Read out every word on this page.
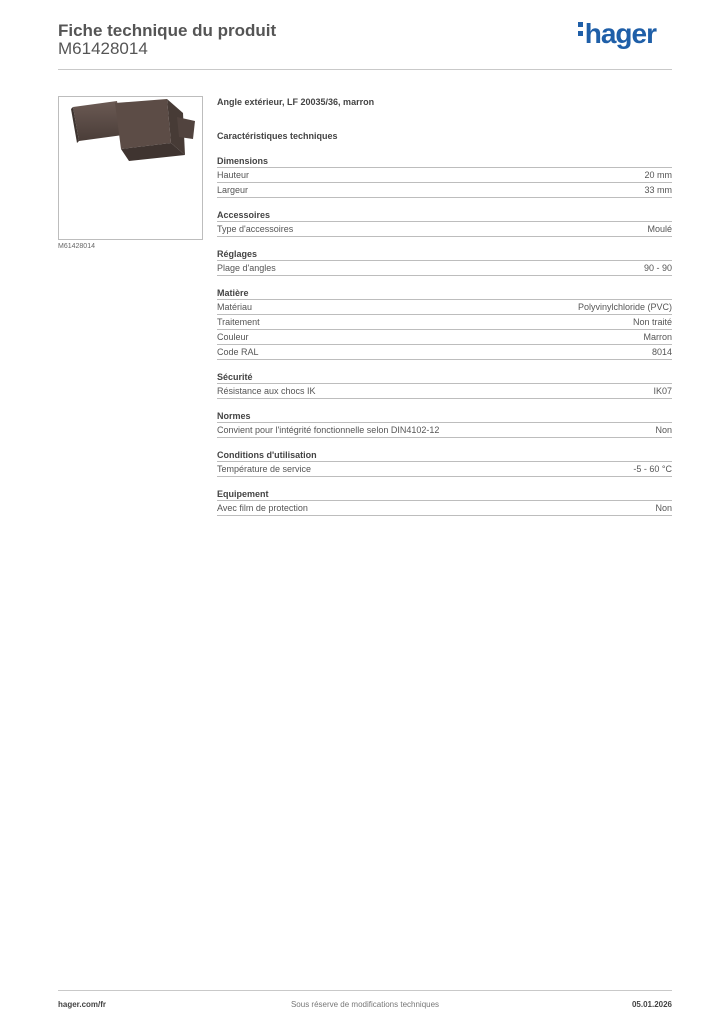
Fiche technique du produit
M61428014	hager
M61428014
Angle extérieur, LF 20035/36, marron
Caractéristiques techniques
Dimensions
Hauteur	20 mm
Largeur	33 mm
Accessoires
Type d'accessoires	Moulé
Réglages
Plage d'angles	90 - 90
Matière
Matériau	Polyvinylchloride (PVC)
Traitement	Non traité
Couleur	Marron
Code RAL	8014
Sécurité
Résistance aux chocs IK	IK07
Normes
Convient pour l'intégrité fonctionnelle selon DIN4102-12	Non
Conditions d'utilisation
Température de service	-5 - 60 °C
Equipement
Avec film de protection	Non
hager.com/fr	Sous réserve de modifications techniques	05.01.2026
